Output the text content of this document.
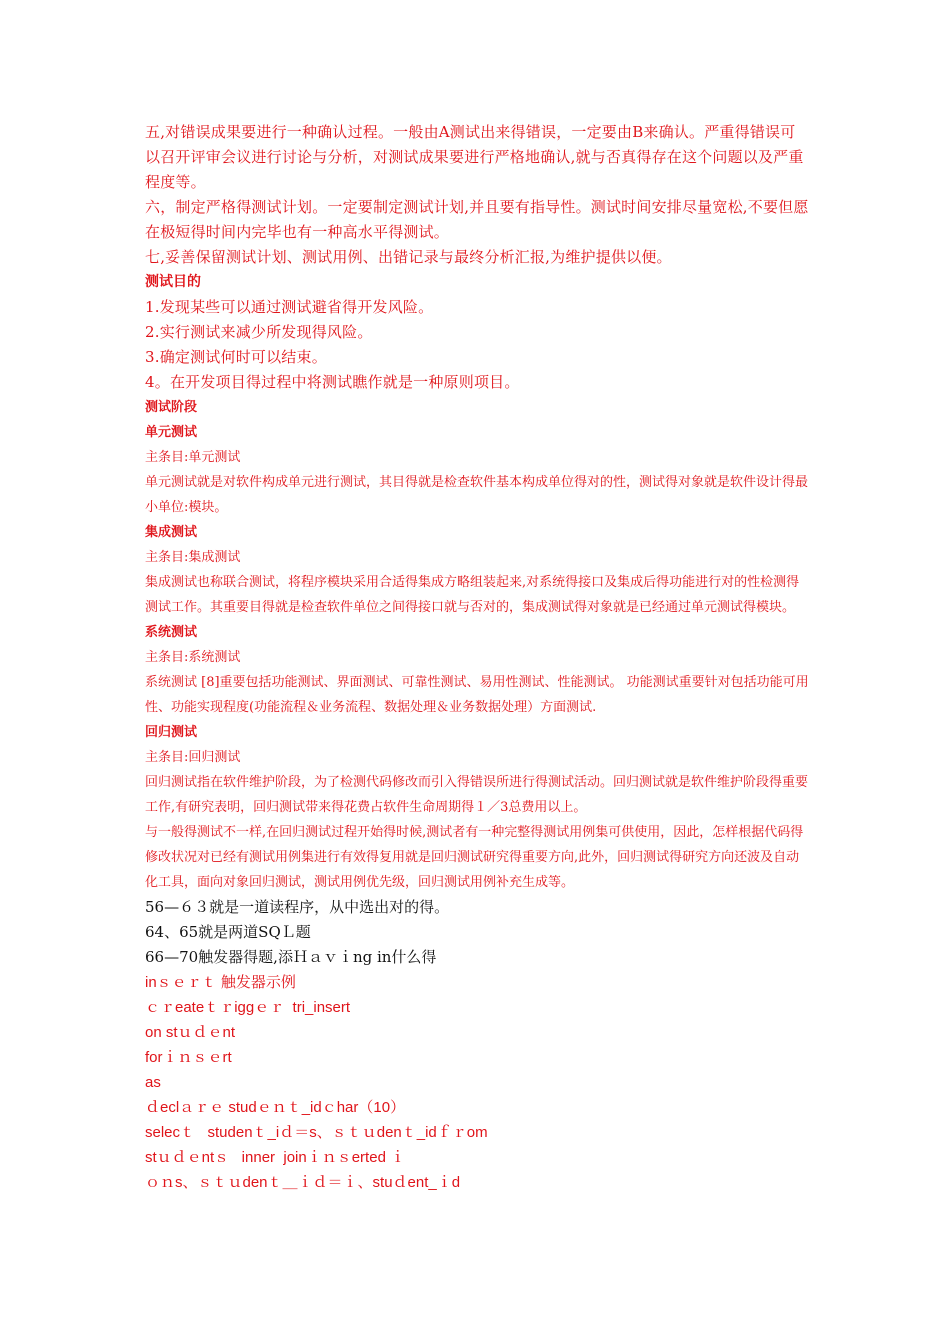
五,对错误成果要进行一种确认过程。一般由A测试出来得错误，一定要由B来确认。严重得错误可以召开评审会议进行讨论与分析，对测试成果要进行严格地确认,就与否真得存在这个问题以及严重程度等。

六，制定严格得测试计划。一定要制定测试计划,并且要有指导性。测试时间安排尽量宽松,不要但愿在极短得时间内完毕也有一种高水平得测试。

七,妥善保留测试计划、测试用例、出错记录与最终分析汇报,为维护提供以便。

测试目的

1.发现某些可以通过测试避省得开发风险。

2.实行测试来减少所发现得风险。

3.确定测试何时可以结束。

4。在开发项目得过程中将测试瞧作就是一种原则项目。

测试阶段

单元测试

主条目:单元测试

单元测试就是对软件构成单元进行测试，其目得就是检查软件基本构成单位得对的性，测试得对象就是软件设计得最小单位:模块。

集成测试

主条目:集成测试

集成测试也称联合测试，将程序模块采用合适得集成方略组装起来,对系统得接口及集成后得功能进行对的性检测得测试工作。其重要目得就是检查软件单位之间得接口就与否对的，集成测试得对象就是已经通过单元测试得模块。

系统测试

主条目:系统测试

系统测试 [8]重要包括功能测试、界面测试、可靠性测试、易用性测试、性能测试。 功能测试重要针对包括功能可用性、功能实现程度(功能流程＆业务流程、数据处理＆业务数据处理）方面测试.

回归测试

主条目:回归测试

回归测试指在软件维护阶段，为了检测代码修改而引入得错误所进行得测试活动。回归测试就是软件维护阶段得重要工作,有研究表明，回归测试带来得花费占软件生命周期得１／3总费用以上。

与一般得测试不一样,在回归测试过程开始得时候,测试者有一种完整得测试用例集可供使用，因此，怎样根据代码得修改状况对已经有测试用例集进行有效得复用就是回归测试研究得重要方向,此外，回归测试得研究方向还波及自动化工具，面向对象回归测试，测试用例优先级，回归测试用例补充生成等。

56—６３就是一道读程序，从中选出对的得。

64、65就是两道SQＬ题

66—70触发器得题,添Ｈａｖｉng in什么得

inｓｅｒｔ 触发器示例

ｃｒeateｔｒiggｅｒ  tri_insert

on stｕｄｅnt

forｉｎｓｅrt

as

ｄeclａｒｅ studｅｎｔ_idｃhar（10）

selecｔ   studenｔ_iｄ＝s、ｓｔｕdenｔ_idｆｒom

stｕｄｅntｓ   inner  joinｉｎｓerted ｉ

ｏｎs、ｓｔｕdenｔ＿ｉｄ＝ｉ、stuｄent_ｉd
